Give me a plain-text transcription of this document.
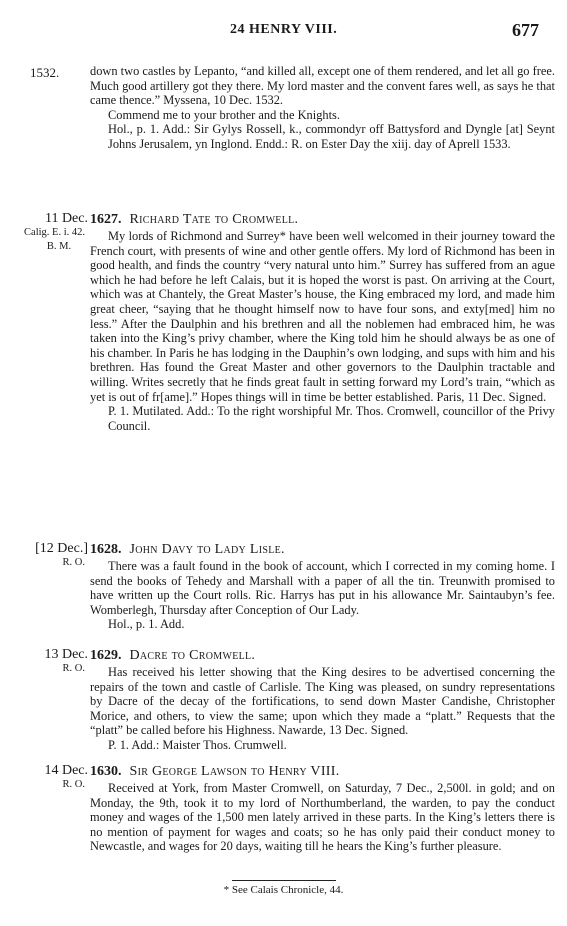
24 HENRY VIII.	677
1532. down two castles by Lepanto, “and killed all, except one of them rendered, and let all go free. Much good artillery got they there. My lord master and the convent fares well, as says he that came thence.” Myssena, 10 Dec. 1532.

Commend me to your brother and the Knights.

Hol., p. 1. Add.: Sir Gylys Rossell, k., commondyr off Battysford and Dyngle [at] Seynt Johns Jerusalem, yn Inglond. Endd.: R. on Ester Day the xiij. day of Aprell 1533.

11 Dec.
Calig. E. i. 42.
B. M.
1627. Richard Tate to Cromwell.

My lords of Richmond and Surrey* have been well welcomed in their journey toward the French court, with presents of wine and other gentle offers. My lord of Richmond has been in good health, and finds the country “very natural unto him.” Surrey has suffered from an ague which he had before he left Calais, but it is hoped the worst is past. On arriving at the Court, which was at Chantely, the Great Master’s house, the King embraced my lord, and made him great cheer, “saying that he thought himself now to have four sons, and exty[med] him no less.” After the Daulphin and his brethren and all the noblemen had embraced him, he was taken into the King’s privy chamber, where the King told him he should always be as one of his chamber. In Paris he has lodging in the Dauphin’s own lodging, and sups with him and his brethren. Has found the Great Master and other governors to the Daulphin tractable and willing. Writes secretly that he finds great fault in setting forward my Lord’s train, “which as yet is out of fr[ame].” Hopes things will in time be better established. Paris, 11 Dec. Signed.

P. 1. Mutilated. Add.: To the right worshipful Mr. Thos. Cromwell, councillor of the Privy Council.

[12 Dec.]
R. O.
1628. John Davy to Lady Lisle.

There was a fault found in the book of account, which I corrected in my coming home. I send the books of Tehedy and Marshall with a paper of all the tin. Treunwith promised to have written up the Court rolls. Ric. Harrys has put in his allowance Mr. Saintaubyn’s fee. Womberlegh, Thursday after Conception of Our Lady.

Hol., p. 1. Add.

13 Dec.
R. O.
1629. Dacre to Cromwell.

Has received his letter showing that the King desires to be advertised concerning the repairs of the town and castle of Carlisle. The King was pleased, on sundry representations by Dacre of the decay of the fortifications, to send down Master Candishe, Christopher Morice, and others, to view the same; upon which they made a “platt.” Requests that the “platt” be called before his Highness. Nawarde, 13 Dec. Signed.

P. 1. Add.: Maister Thos. Crumwell.

14 Dec.
R. O.
1630. Sir George Lawson to Henry VIII.

Received at York, from Master Cromwell, on Saturday, 7 Dec., 2,500l. in gold; and on Monday, the 9th, took it to my lord of Northumberland, the warden, to pay the conduct money and wages of the 1,500 men lately arrived in these parts. In the King’s letters there is no mention of payment for wages and coats; so he has only paid their conduct money to Newcastle, and wages for 20 days, waiting till he hears the King’s further pleasure.

* See Calais Chronicle, 44.
